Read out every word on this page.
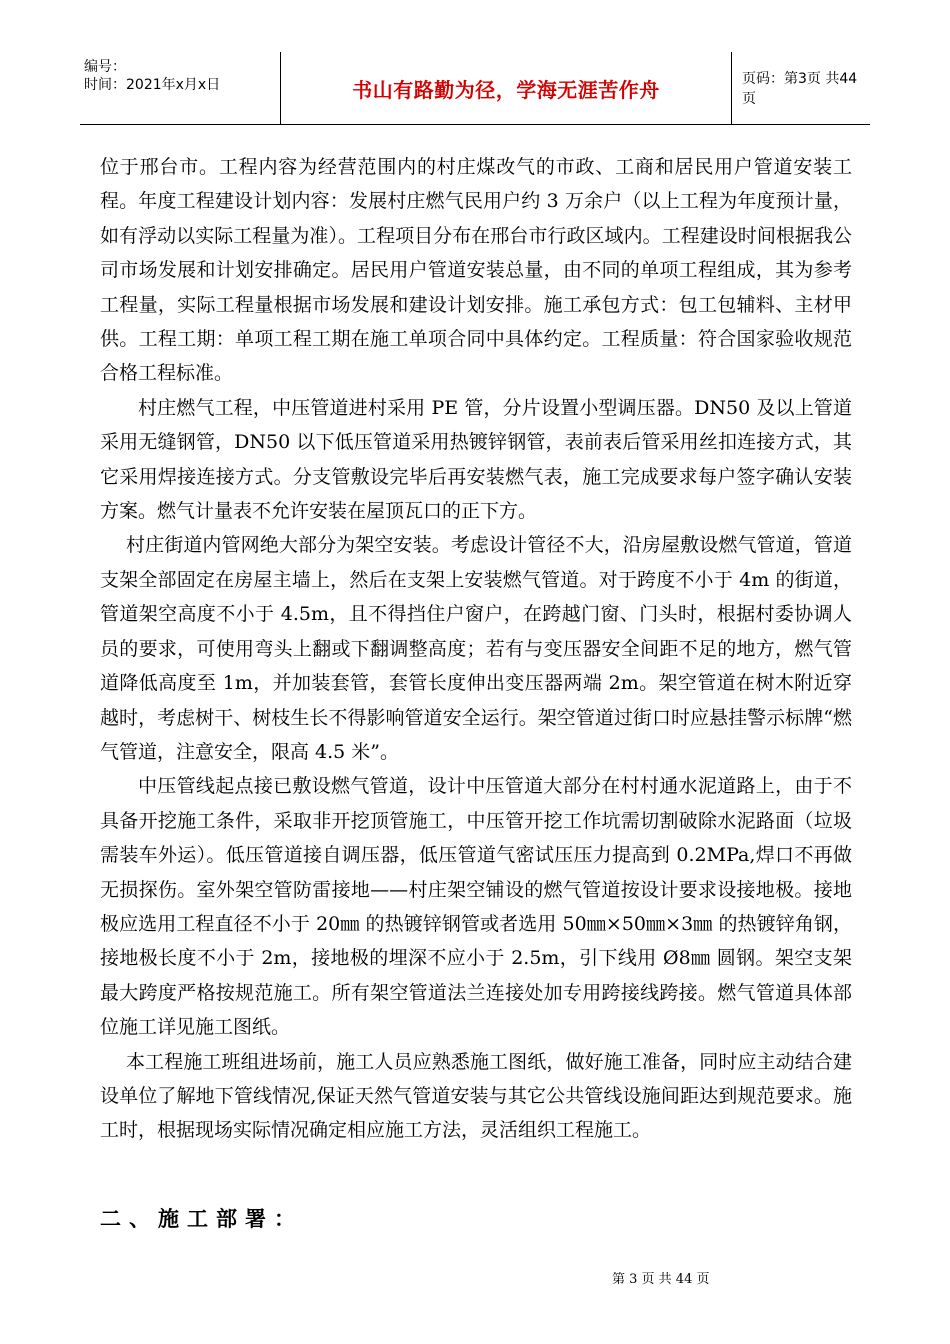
编号：
时间：2021年x月x日	书山有路勤为径，学海无涯苦作舟	页码：第3页 共44页

位于邢台市。工程内容为经营范围内的村庄煤改气的市政、工商和居民用户管道安装工程。年度工程建设计划内容：发展村庄燃气民用户约 3 万余户（以上工程为年度预计量，如有浮动以实际工程量为准）。工程项目分布在邢台市行政区域内。工程建设时间根据我公司市场发展和计划安排确定。居民用户管道安装总量，由不同的单项工程组成，其为参考工程量，实际工程量根据市场发展和建设计划安排。施工承包方式：包工包辅料、主材甲供。工程工期：单项工程工期在施工单项合同中具体约定。工程质量：符合国家验收规范合格工程标准。

村庄燃气工程，中压管道进村采用 PE 管，分片设置小型调压器。DN50 及以上管道采用无缝钢管，DN50 以下低压管道采用热镀锌钢管，表前表后管采用丝扣连接方式，其它采用焊接连接方式。分支管敷设完毕后再安装燃气表，施工完成要求每户签字确认安装方案。燃气计量表不允许安装在屋顶瓦口的正下方。

村庄街道内管网绝大部分为架空安装。考虑设计管径不大，沿房屋敷设燃气管道，管道支架全部固定在房屋主墙上，然后在支架上安装燃气管道。对于跨度不小于 4m 的街道，管道架空高度不小于 4.5m，且不得挡住户窗户，在跨越门窗、门头时，根据村委协调人员的要求，可使用弯头上翻或下翻调整高度；若有与变压器安全间距不足的地方，燃气管道降低高度至 1m，并加装套管，套管长度伸出变压器两端 2m。架空管道在树木附近穿越时，考虑树干、树枝生长不得影响管道安全运行。架空管道过街口时应悬挂警示标牌“燃气管道，注意安全，限高 4.5 米”。

中压管线起点接已敷设燃气管道，设计中压管道大部分在村村通水泥道路上，由于不具备开挖施工条件，采取非开挖顶管施工，中压管开挖工作坑需切割破除水泥路面（垃圾需装车外运）。低压管道接自调压器，低压管道气密试压压力提高到 0.2MPa,焊口不再做无损探伤。室外架空管防雷接地——村庄架空铺设的燃气管道按设计要求设接地极。接地极应选用工程直径不小于 20㎜ 的热镀锌钢管或者选用 50㎜×50㎜×3㎜ 的热镀锌角钢，接地极长度不小于 2m，接地极的埋深不应小于 2.5m，引下线用 Ø8㎜ 圆钢。架空支架最大跨度严格按规范施工。所有架空管道法兰连接处加专用跨接线跨接。燃气管道具体部位施工详见施工图纸。

本工程施工班组进场前，施工人员应熟悉施工图纸，做好施工准备，同时应主动结合建设单位了解地下管线情况,保证天然气管道安装与其它公共管线设施间距达到规范要求。施工时，根据现场实际情况确定相应施工方法，灵活组织工程施工。

二、施工部署：
第 3 页 共 44 页
